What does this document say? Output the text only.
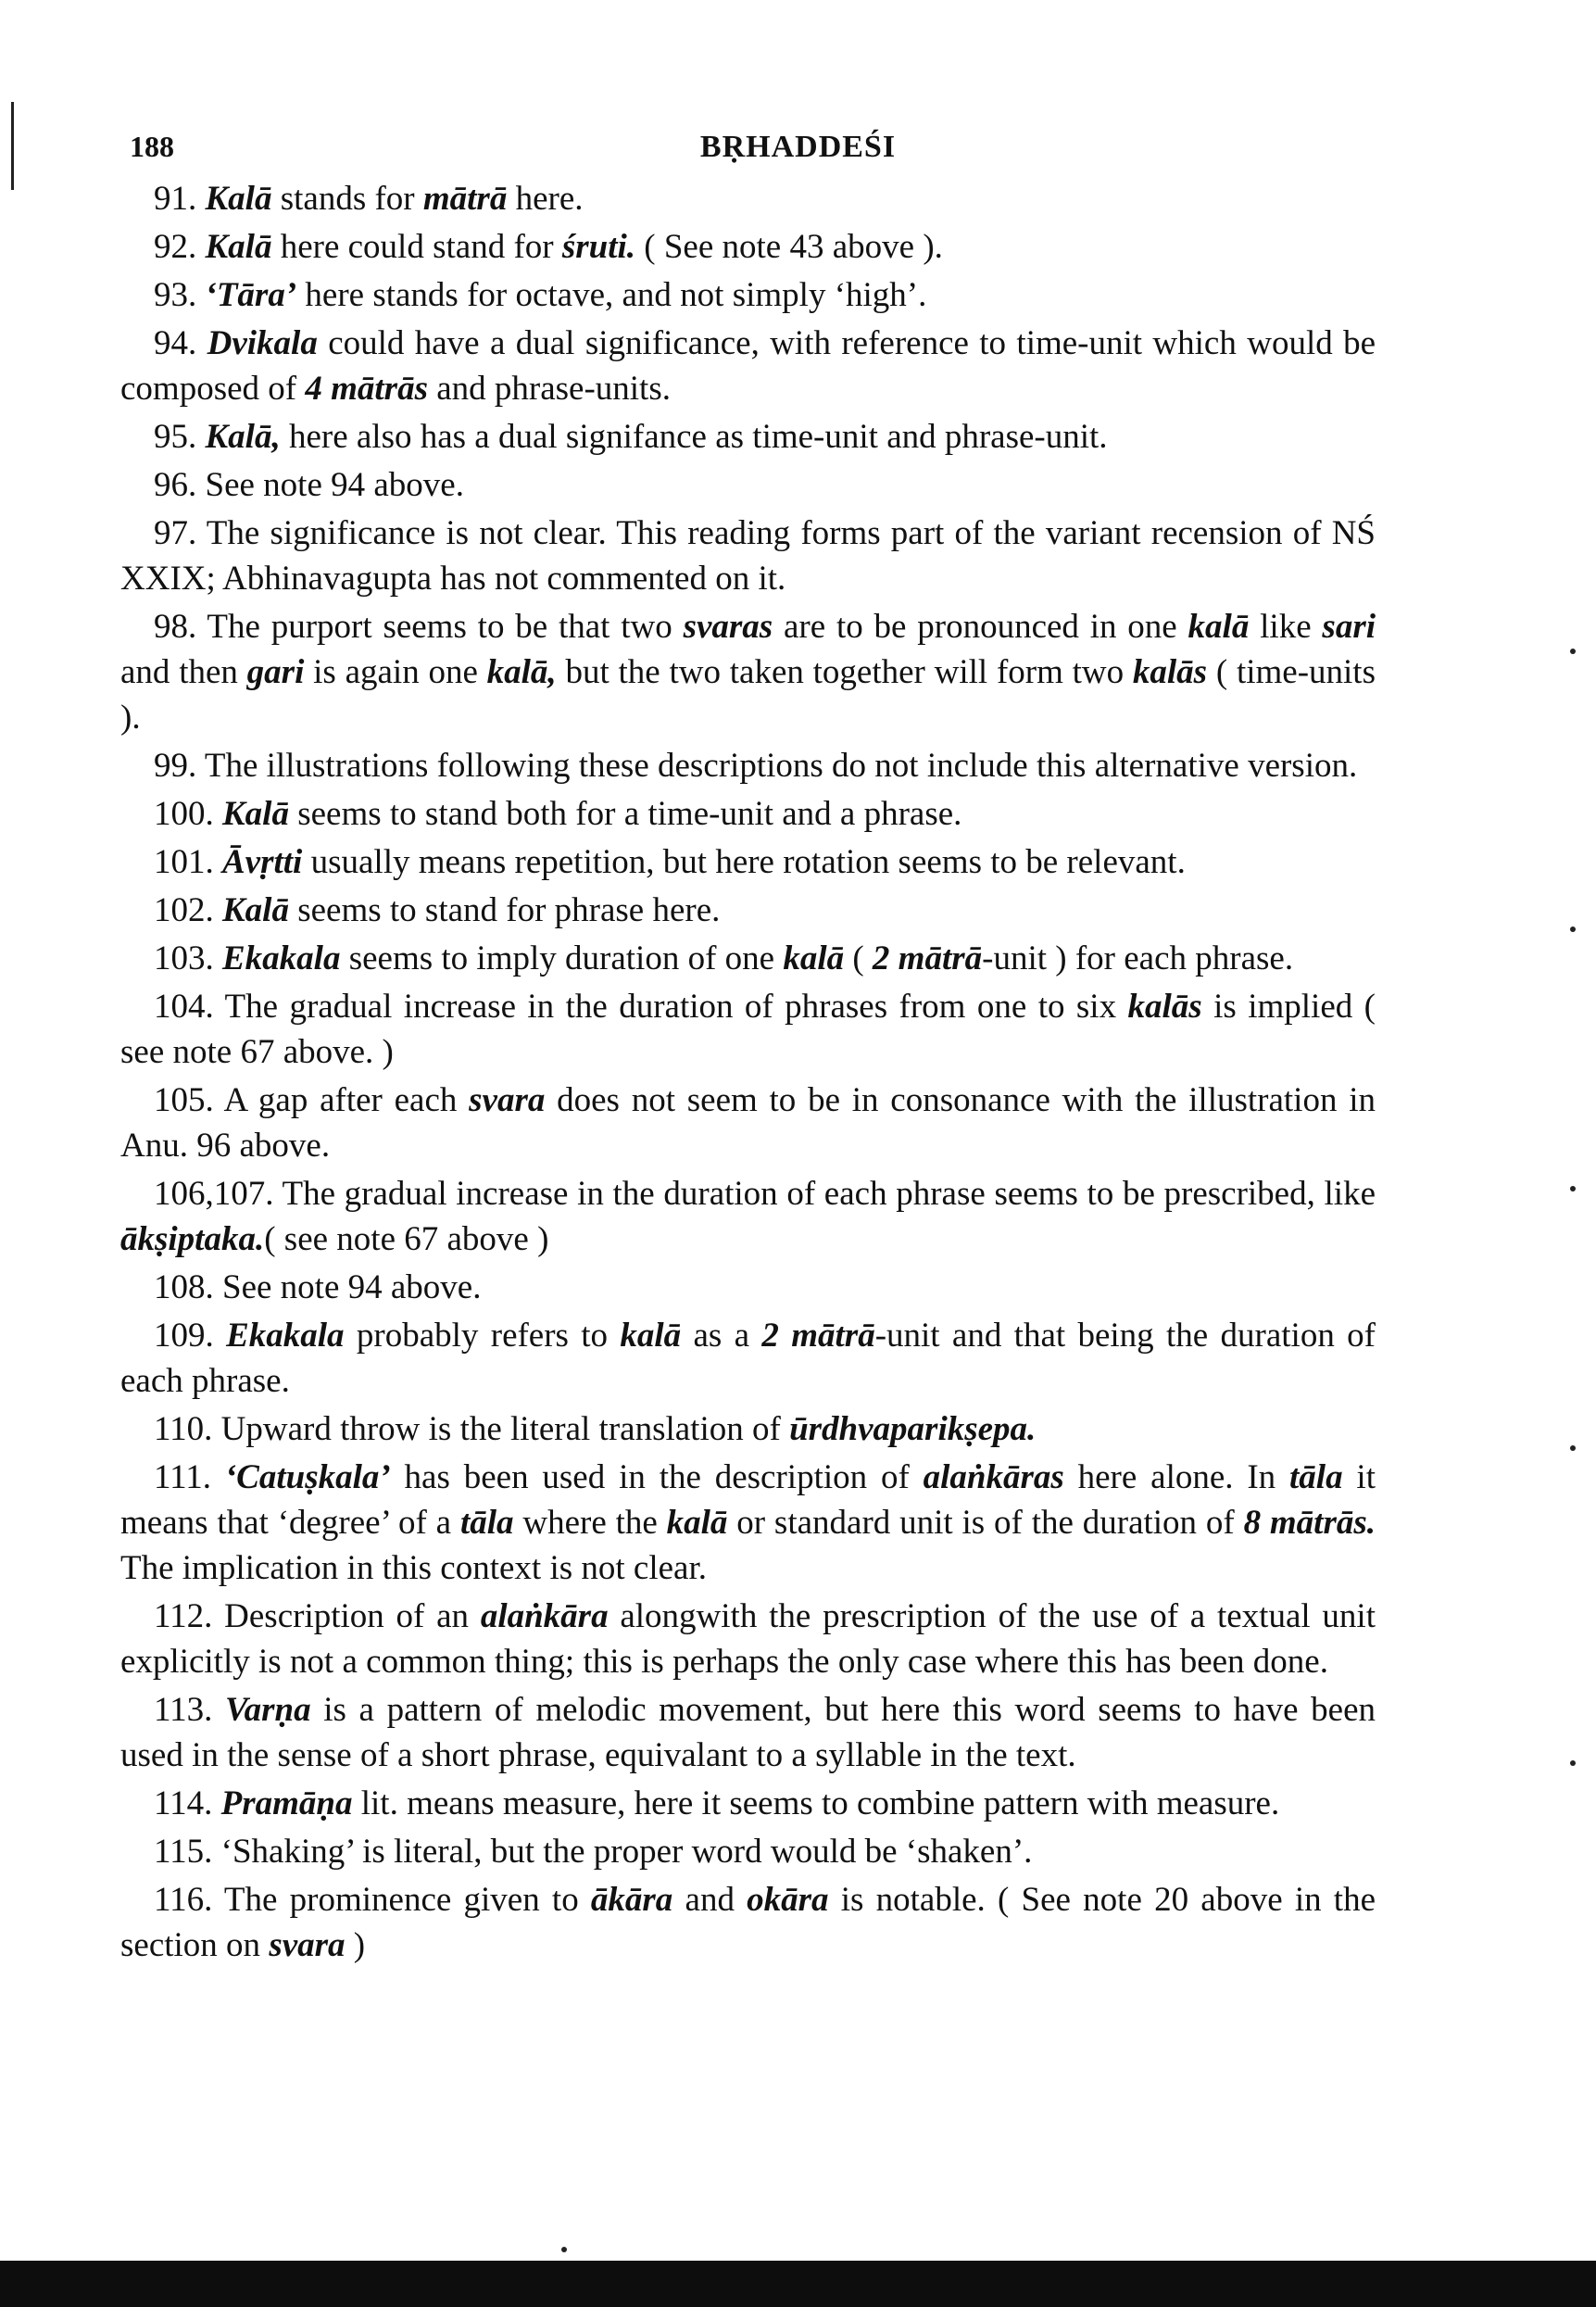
188	BṚHADDEŚI

91. Kalā stands for mātrā here.

92. Kalā here could stand for śruti. ( See note 43 above ).

93. ‘Tāra’ here stands for octave, and not simply ‘high’.

94. Dvikala could have a dual significance, with reference to time-unit which would be composed of 4 mātrās and phrase-units.

95. Kalā, here also has a dual signifance as time-unit and phrase-unit.

96. See note 94 above.

97. The significance is not clear. This reading forms part of the variant recension of NŚ XXIX; Abhinavagupta has not commented on it.

98. The purport seems to be that two svaras are to be pronounced in one kalā like sari and then gari is again one kalā, but the two taken together will form two kalās ( time-units ).

99. The illustrations following these descriptions do not include this alternative version.

100. Kalā seems to stand both for a time-unit and a phrase.

101. Āvṛtti usually means repetition, but here rotation seems to be relevant.

102. Kalā seems to stand for phrase here.

103. Ekakala seems to imply duration of one kalā ( 2 mātrā-unit ) for each phrase.

104. The gradual increase in the duration of phrases from one to six kalās is implied ( see note 67 above. )

105. A gap after each svara does not seem to be in consonance with the illustration in Anu. 96 above.

106,107. The gradual increase in the duration of each phrase seems to be prescribed, like ākṣiptaka.( see note 67 above )

108. See note 94 above.

109. Ekakala probably refers to kalā as a 2 mātrā-unit and that being the duration of each phrase.

110. Upward throw is the literal translation of ūrdhvaparikṣepa.

111. ‘Catuṣkala’ has been used in the description of alaṅkāras here alone. In tāla it means that ‘degree’ of a tāla where the kalā or standard unit is of the duration of 8 mātrās. The implication in this context is not clear.

112. Description of an alaṅkāra alongwith the prescription of the use of a textual unit explicitly is not a common thing; this is perhaps the only case where this has been done.

113. Varṇa is a pattern of melodic movement, but here this word seems to have been used in the sense of a short phrase, equivalant to a syllable in the text.

114. Pramāṇa lit. means measure, here it seems to combine pattern with measure.

115. ‘Shaking’ is literal, but the proper word would be ‘shaken’.

116. The prominence given to ākāra and okāra is notable. ( See note 20 above in the section on svara )
